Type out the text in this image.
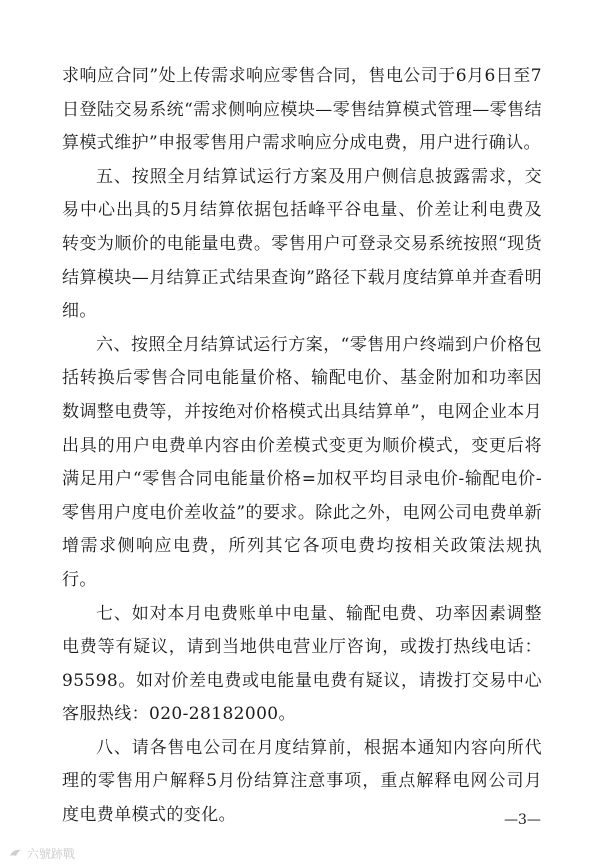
求响应合同”处上传需求响应零售合同，售电公司于6月6日至7日登陆交易系统“需求侧响应模块—零售结算模式管理—零售结算模式维护”申报零售用户需求响应分成电费，用户进行确认。

五、按照全月结算试运行方案及用户侧信息披露需求，交易中心出具的5月结算依据包括峰平谷电量、价差让利电费及转变为顺价的电能量电费。零售用户可登录交易系统按照“现货结算模块—月结算正式结果查询”路径下载月度结算单并查看明细。

六、按照全月结算试运行方案，“零售用户终端到户价格包括转换后零售合同电能量价格、输配电价、基金附加和功率因数调整电费等，并按绝对价格模式出具结算单”，电网企业本月出具的用户电费单内容由价差模式变更为顺价模式，变更后将满足用户“零售合同电能量价格=加权平均目录电价-输配电价-零售用户度电价差收益”的要求。除此之外，电网公司电费单新增需求侧响应电费，所列其它各项电费均按相关政策法规执行。

七、如对本月电费账单中电量、输配电费、功率因素调整电费等有疑议，请到当地供电营业厅咨询，或拨打热线电话：95598。如对价差电费或电能量电费有疑议，请拨打交易中心客服热线：020-28182000。

八、请各售电公司在月度结算前，根据本通知内容向所代理的零售用户解释5月份结算注意事项，重点解释电网公司月度电费单模式的变化。	—3—
六號跡戰
